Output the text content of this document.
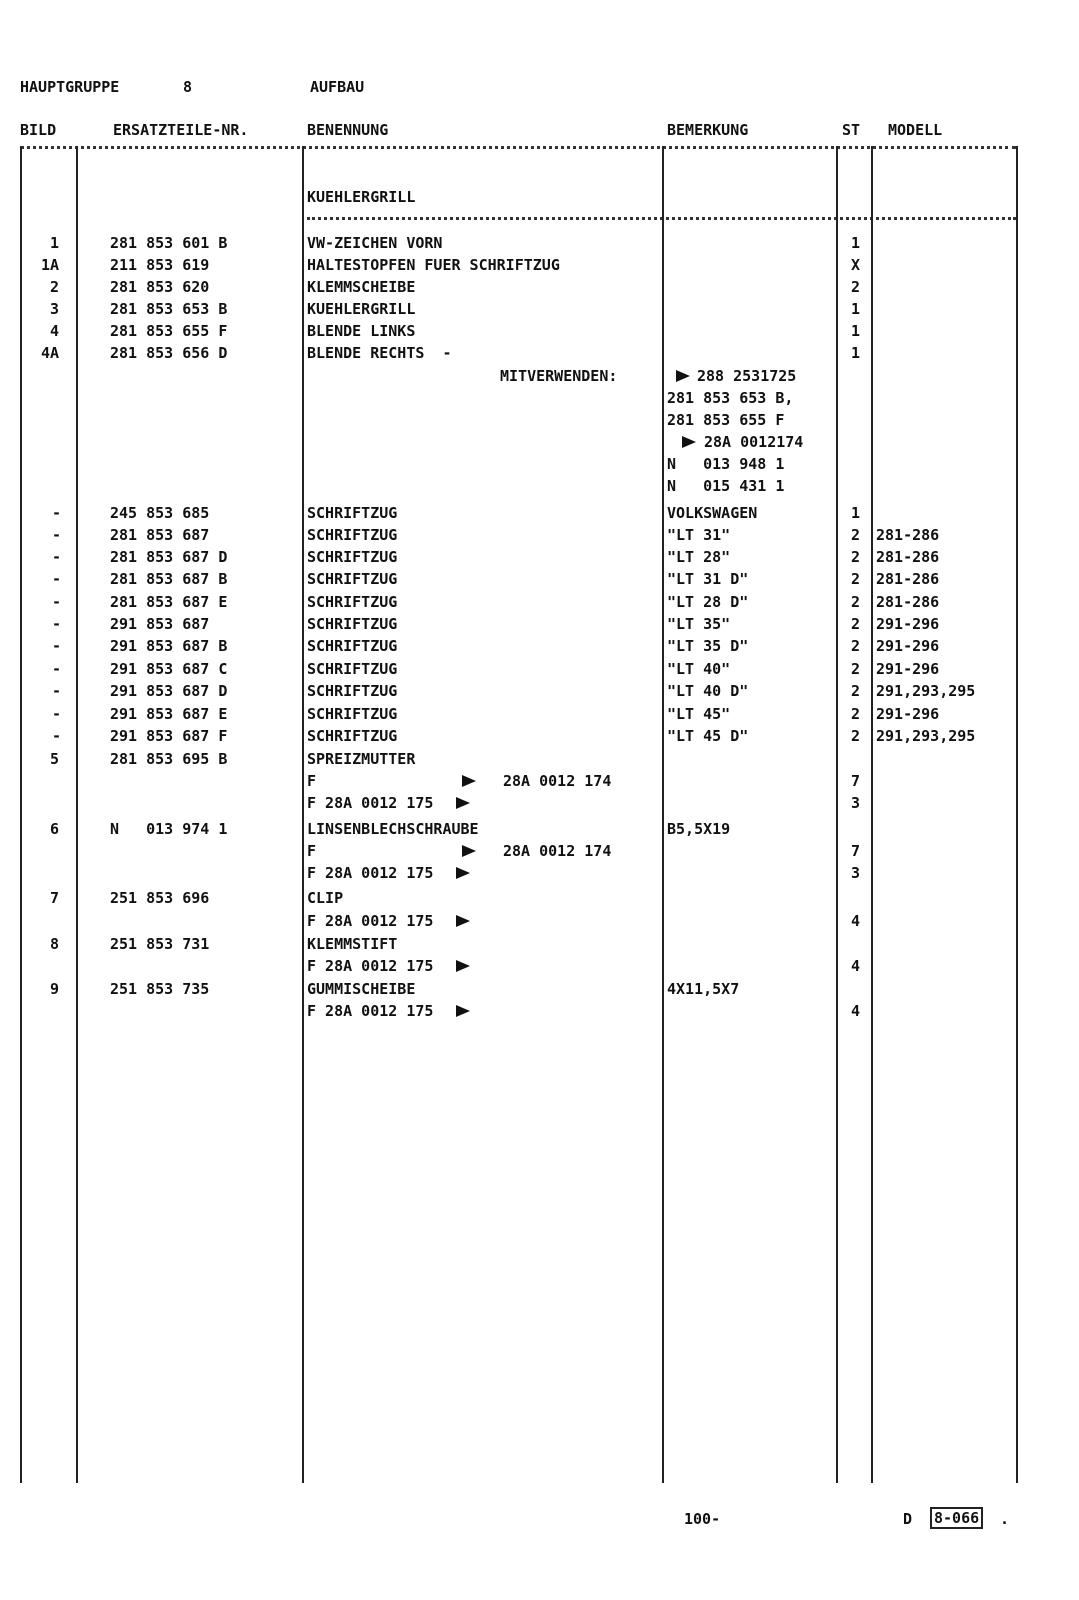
HAUPTGRUPPE	8	AUFBAU
BILD	ERSATZTEILE-NR.	BENENNUNG	BEMERKUNG	ST MODELL
KUEHLERGRILL
1	281 853 601 B	VW-ZEICHEN VORN	1
1A	211 853 619	HALTESTOPFEN FUER SCHRIFTZUG	X
2	281 853 620	KLEMMSCHEIBE	2
3	281 853 653 B	KUEHLERGRILL	1
4	281 853 655 F	BLENDE LINKS	1
4A	281 853 656 D	BLENDE RECHTS  -	1
MITVERWENDEN:	288 2531725
281 853 653 B,
281 853 655 F
28A 0012174
N   013 948 1
N   015 431 1
-	245 853 685	SCHRIFTZUG	VOLKSWAGEN	1
-	281 853 687	SCHRIFTZUG	"LT 31"	2 281-286
-	281 853 687 D	SCHRIFTZUG	"LT 28"	2 281-286
-	281 853 687 B	SCHRIFTZUG	"LT 31 D"	2 281-286
-	281 853 687 E	SCHRIFTZUG	"LT 28 D"	2 281-286
-	291 853 687	SCHRIFTZUG	"LT 35"	2 291-296
-	291 853 687 B	SCHRIFTZUG	"LT 35 D"	2 291-296
-	291 853 687 C	SCHRIFTZUG	"LT 40"	2 291-296
-	291 853 687 D	SCHRIFTZUG	"LT 40 D"	2 291,293,295
-	291 853 687 E	SCHRIFTZUG	"LT 45"	2 291-296
-	291 853 687 F	SCHRIFTZUG	"LT 45 D"	2 291,293,295
5	281 853 695 B	SPREIZMUTTER
F	28A 0012 174	7
F 28A 0012 175	3
6	N   013 974 1	LINSENBLECHSCHRAUBE	B5,5X19
F	28A 0012 174	7
F 28A 0012 175	3
7	251 853 696	CLIP
F 28A 0012 175	4
8	251 853 731	KLEMMSTIFT
F 28A 0012 175	4
9	251 853 735	GUMMISCHEIBE	4X11,5X7
F 28A 0012 175	4
100-	D 8-066 .
